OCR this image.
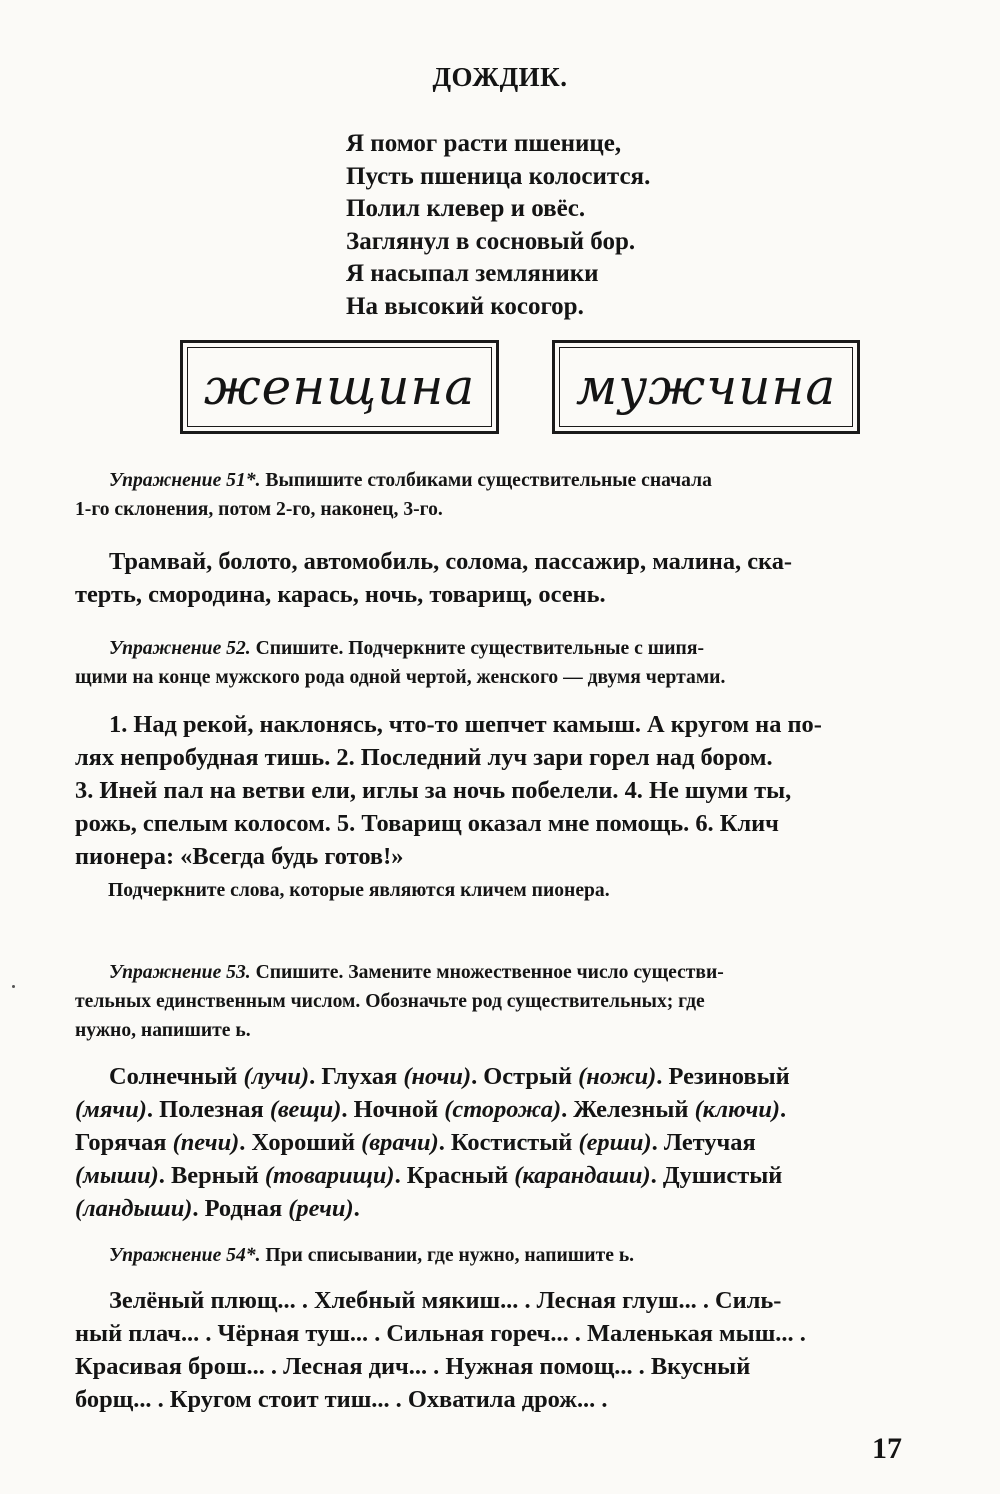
ДОЖДИК.
Я помог расти пшенице,
Пусть пшеница колосится.
Полил клевер и овёс.
Заглянул в сосновый бор.
Я насыпал земляники
На высокий косогор.
женщина мужчина
Упражнение 51*. Выпишите столбиками существительные сначала
1-го склонения, потом 2-го, наконец, 3-го.
Трамвай, болото, автомобиль, солома, пассажир, малина, ска-
терть, смородина, карась, ночь, товарищ, осень.
Упражнение 52. Спишите. Подчеркните существительные с шипя-
щими на конце мужского рода одной чертой, женского — двумя чертами.
1. Над рекой, наклонясь, что-то шепчет камыш. А кругом на по-
лях непробудная тишь. 2. Последний луч зари горел над бором.
3. Иней пал на ветви ели, иглы за ночь побелели. 4. Не шуми ты,
рожь, спелым колосом. 5. Товарищ оказал мне помощь. 6. Клич
пионера: «Всегда будь готов!»
Подчеркните слова, которые являются кличем пионера.
Упражнение 53. Спишите. Замените множественное число существи-
тельных единственным числом. Обозначьте род существительных; где
нужно, напишите ь.
Солнечный (лучи). Глухая (ночи). Острый (ножи). Резиновый
(мячи). Полезная (вещи). Ночной (сторожа). Железный (ключи).
Горячая (печи). Хороший (врачи). Костистый (ерши). Летучая
(мыши). Верный (товарищи). Красный (карандаши). Душистый
(ландыши). Родная (речи).
Упражнение 54*. При списывании, где нужно, напишите ь.
Зелёный плющ... . Хлебный мякиш... . Лесная глуш... . Силь-
ный плач... . Чёрная туш... . Сильная гореч... . Маленькая мыш... .
Красивая брош... . Лесная дич... . Нужная помощ... . Вкусный
борщ... . Кругом стоит тиш... . Охватила дрож... .
17
